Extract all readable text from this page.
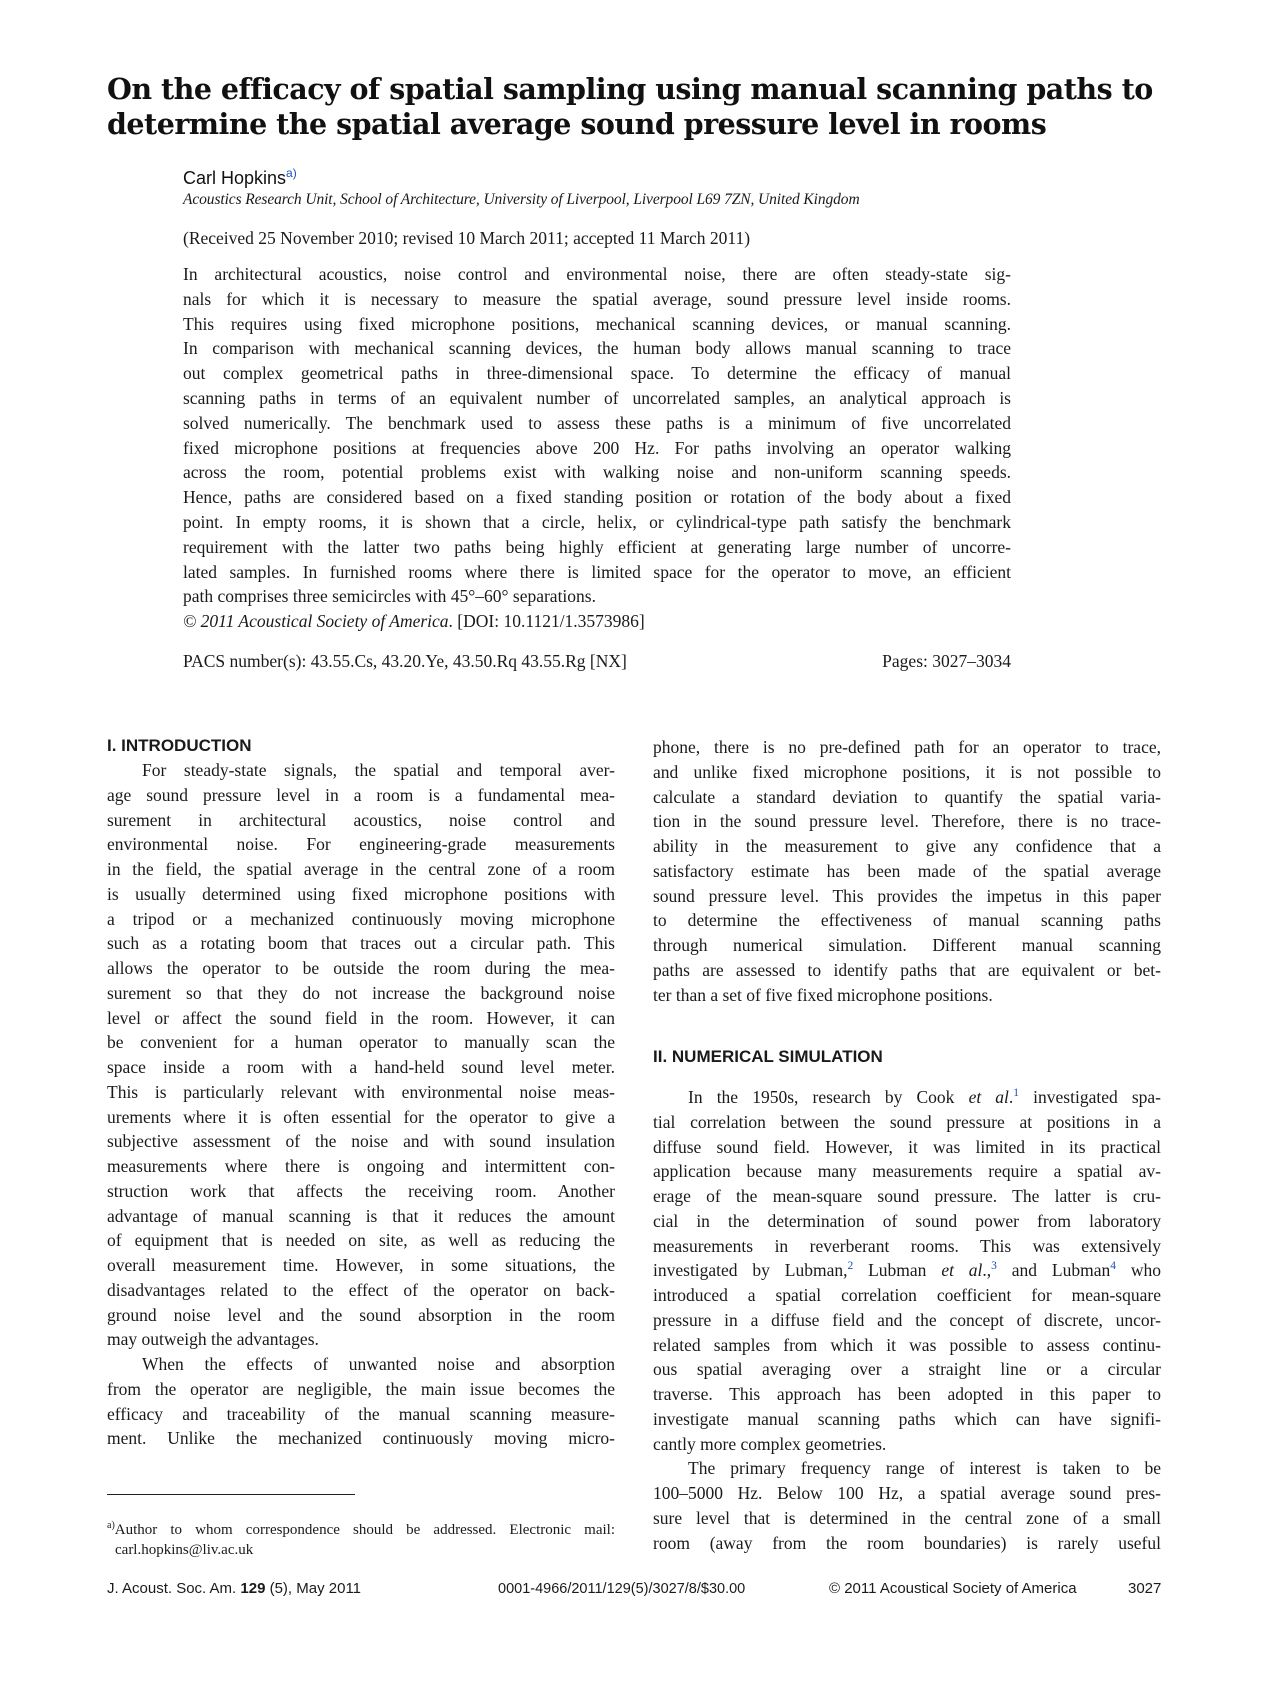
On the efficacy of spatial sampling using manual scanning paths to determine the spatial average sound pressure level in rooms
Carl Hopkins$^{a)}$
Acoustics Research Unit, School of Architecture, University of Liverpool, Liverpool L69 7ZN, United Kingdom
(Received 25 November 2010; revised 10 March 2011; accepted 11 March 2011)
In architectural acoustics, noise control and environmental noise, there are often steady-state sig-
nals for which it is necessary to measure the spatial average, sound pressure level inside rooms.
This requires using fixed microphone positions, mechanical scanning devices, or manual scanning.
In comparison with mechanical scanning devices, the human body allows manual scanning to trace
out complex geometrical paths in three-dimensional space. To determine the efficacy of manual
scanning paths in terms of an equivalent number of uncorrelated samples, an analytical approach is
solved numerically. The benchmark used to assess these paths is a minimum of five uncorrelated
fixed microphone positions at frequencies above 200 Hz. For paths involving an operator walking
across the room, potential problems exist with walking noise and non-uniform scanning speeds.
Hence, paths are considered based on a fixed standing position or rotation of the body about a fixed
point. In empty rooms, it is shown that a circle, helix, or cylindrical-type path satisfy the benchmark
requirement with the latter two paths being highly efficient at generating large number of uncorre-
lated samples. In furnished rooms where there is limited space for the operator to move, an efficient
path comprises three semicircles with 45°–60° separations.
© 2011 Acoustical Society of America. [DOI: 10.1121/1.3573986]
PACS number(s): 43.55.Cs, 43.20.Ye, 43.50.Rq 43.55.Rg [NX]	Pages: 3027–3034
I. INTRODUCTION
For steady-state signals, the spatial and temporal aver-
age sound pressure level in a room is a fundamental mea-
surement in architectural acoustics, noise control and
environmental noise. For engineering-grade measurements
in the field, the spatial average in the central zone of a room
is usually determined using fixed microphone positions with
a tripod or a mechanized continuously moving microphone
such as a rotating boom that traces out a circular path. This
allows the operator to be outside the room during the mea-
surement so that they do not increase the background noise
level or affect the sound field in the room. However, it can
be convenient for a human operator to manually scan the
space inside a room with a hand-held sound level meter.
This is particularly relevant with environmental noise meas-
urements where it is often essential for the operator to give a
subjective assessment of the noise and with sound insulation
measurements where there is ongoing and intermittent con-
struction work that affects the receiving room. Another
advantage of manual scanning is that it reduces the amount
of equipment that is needed on site, as well as reducing the
overall measurement time. However, in some situations, the
disadvantages related to the effect of the operator on back-
ground noise level and the sound absorption in the room
may outweigh the advantages.
When the effects of unwanted noise and absorption
from the operator are negligible, the main issue becomes the
efficacy and traceability of the manual scanning measure-
ment. Unlike the mechanized continuously moving micro-
phone, there is no pre-defined path for an operator to trace,
and unlike fixed microphone positions, it is not possible to
calculate a standard deviation to quantify the spatial varia-
tion in the sound pressure level. Therefore, there is no trace-
ability in the measurement to give any confidence that a
satisfactory estimate has been made of the spatial average
sound pressure level. This provides the impetus in this paper
to determine the effectiveness of manual scanning paths
through numerical simulation. Different manual scanning
paths are assessed to identify paths that are equivalent or bet-
ter than a set of five fixed microphone positions.
II. NUMERICAL SIMULATION
In the 1950s, research by Cook et al.$^1$ investigated spa-
tial correlation between the sound pressure at positions in a
diffuse sound field. However, it was limited in its practical
application because many measurements require a spatial av-
erage of the mean-square sound pressure. The latter is cru-
cial in the determination of sound power from laboratory
measurements in reverberant rooms. This was extensively
investigated by Lubman,$^2$ Lubman et al.,$^3$ and Lubman$^4$ who
introduced a spatial correlation coefficient for mean-square
pressure in a diffuse field and the concept of discrete, uncor-
related samples from which it was possible to assess continu-
ous spatial averaging over a straight line or a circular
traverse. This approach has been adopted in this paper to
investigate manual scanning paths which can have signifi-
cantly more complex geometries.
The primary frequency range of interest is taken to be
100–5000 Hz. Below 100 Hz, a spatial average sound pres-
sure level that is determined in the central zone of a small
room (away from the room boundaries) is rarely useful
$^{a)}$Author to whom correspondence should be addressed. Electronic mail:
carl.hopkins@liv.ac.uk
J. Acoust. Soc. Am. 129 (5), May 2011	0001-4966/2011/129(5)/3027/8/$30.00	© 2011 Acoustical Society of America	3027
